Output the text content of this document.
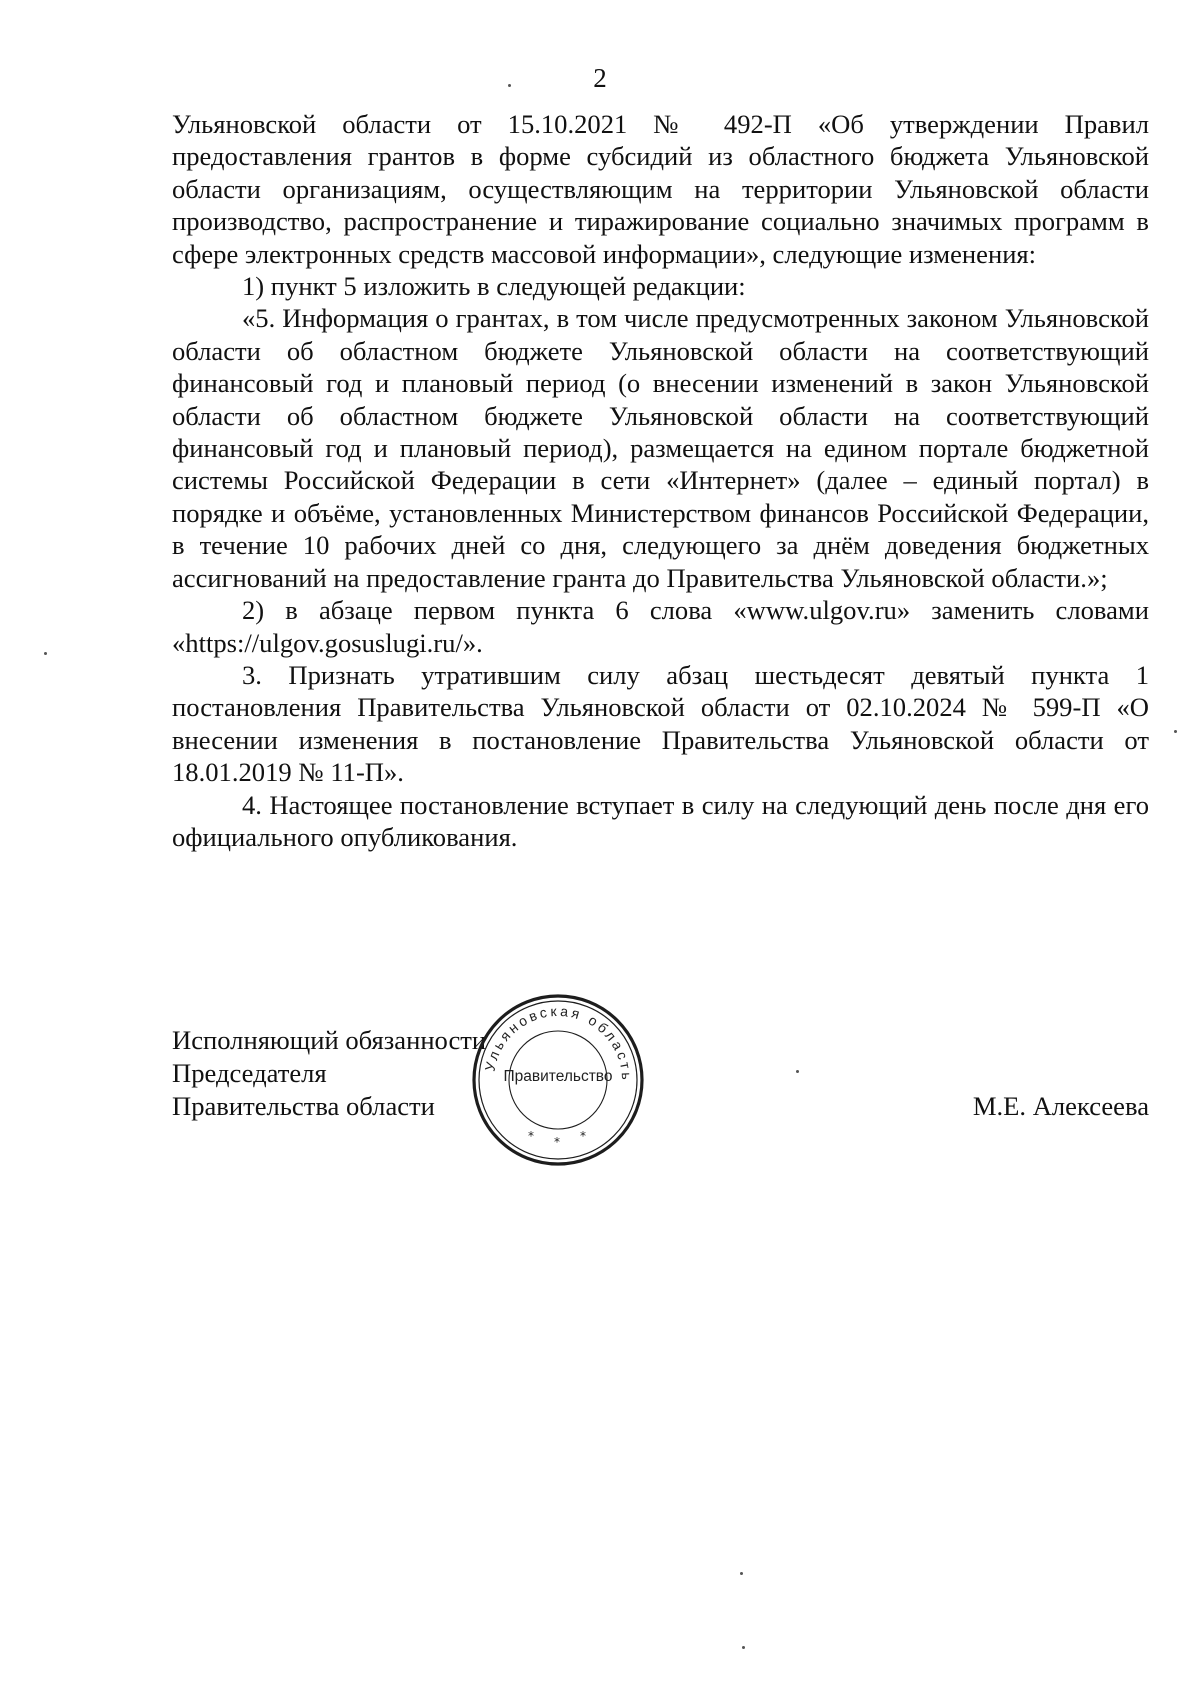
2

Ульяновской области от 15.10.2021 № 492-П «Об утверждении Правил предоставления грантов в форме субсидий из областного бюджета Ульяновской области организациям, осуществляющим на территории Ульяновской области производство, распространение и тиражирование социально значимых программ в сфере электронных средств массовой информации», следующие изменения:

1) пункт 5 изложить в следующей редакции:

«5. Информация о грантах, в том числе предусмотренных законом Ульяновской области об областном бюджете Ульяновской области на соответствующий финансовый год и плановый период (о внесении изменений в закон Ульяновской области об областном бюджете Ульяновской области на соответствующий финансовый год и плановый период), размещается на едином портале бюджетной системы Российской Федерации в сети «Интернет» (далее – единый портал) в порядке и объёме, установленных Министерством финансов Российской Федерации, в течение 10 рабочих дней со дня, следующего за днём доведения бюджетных ассигнований на предоставление гранта до Правительства Ульяновской области.»;

2) в абзаце первом пункта 6 слова «www.ulgov.ru» заменить словами «https://ulgov.gosuslugi.ru/».

3. Признать утратившим силу абзац шестьдесят девятый пункта 1 постановления Правительства Ульяновской области от 02.10.2024 № 599-П «О внесении изменения в постановление Правительства Ульяновской области от 18.01.2019 № 11-П».

4. Настоящее постановление вступает в силу на следующий день после дня его официального опубликования.

Исполняющий обязанности
Председателя
Правительства области	М.Е. Алексеева
Ульяновская область
* * *
Правительство
